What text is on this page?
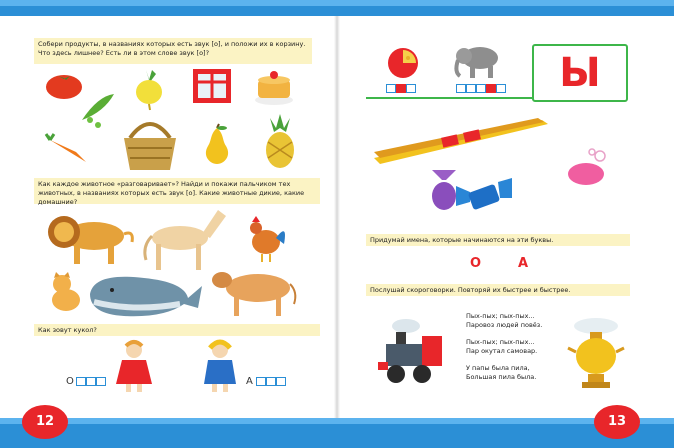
Собери продукты, в названиях которых есть звук [о], и положи их в корзину. Что здесь лишнее? Есть ли в этом слове звук [о]?
Как каждое животное «разговаривает»? Найди и покажи пальчиком тех животных, в названиях которых есть звук [о]. Какие животные дикие, какие домашние?
Как зовут кукол?
О	А
12
Ы
Придумай имена, которые начинаются на эти буквы.
О	А
Послушай скороговорки. Повторяй их быстрее и быстрее.
Пых-пых; пых-пых...
Паровоз людей повёз.
Пых-пых; пых-пых...
Пар окутал самовар.
У папы была пила,
Большая пила была.
13
